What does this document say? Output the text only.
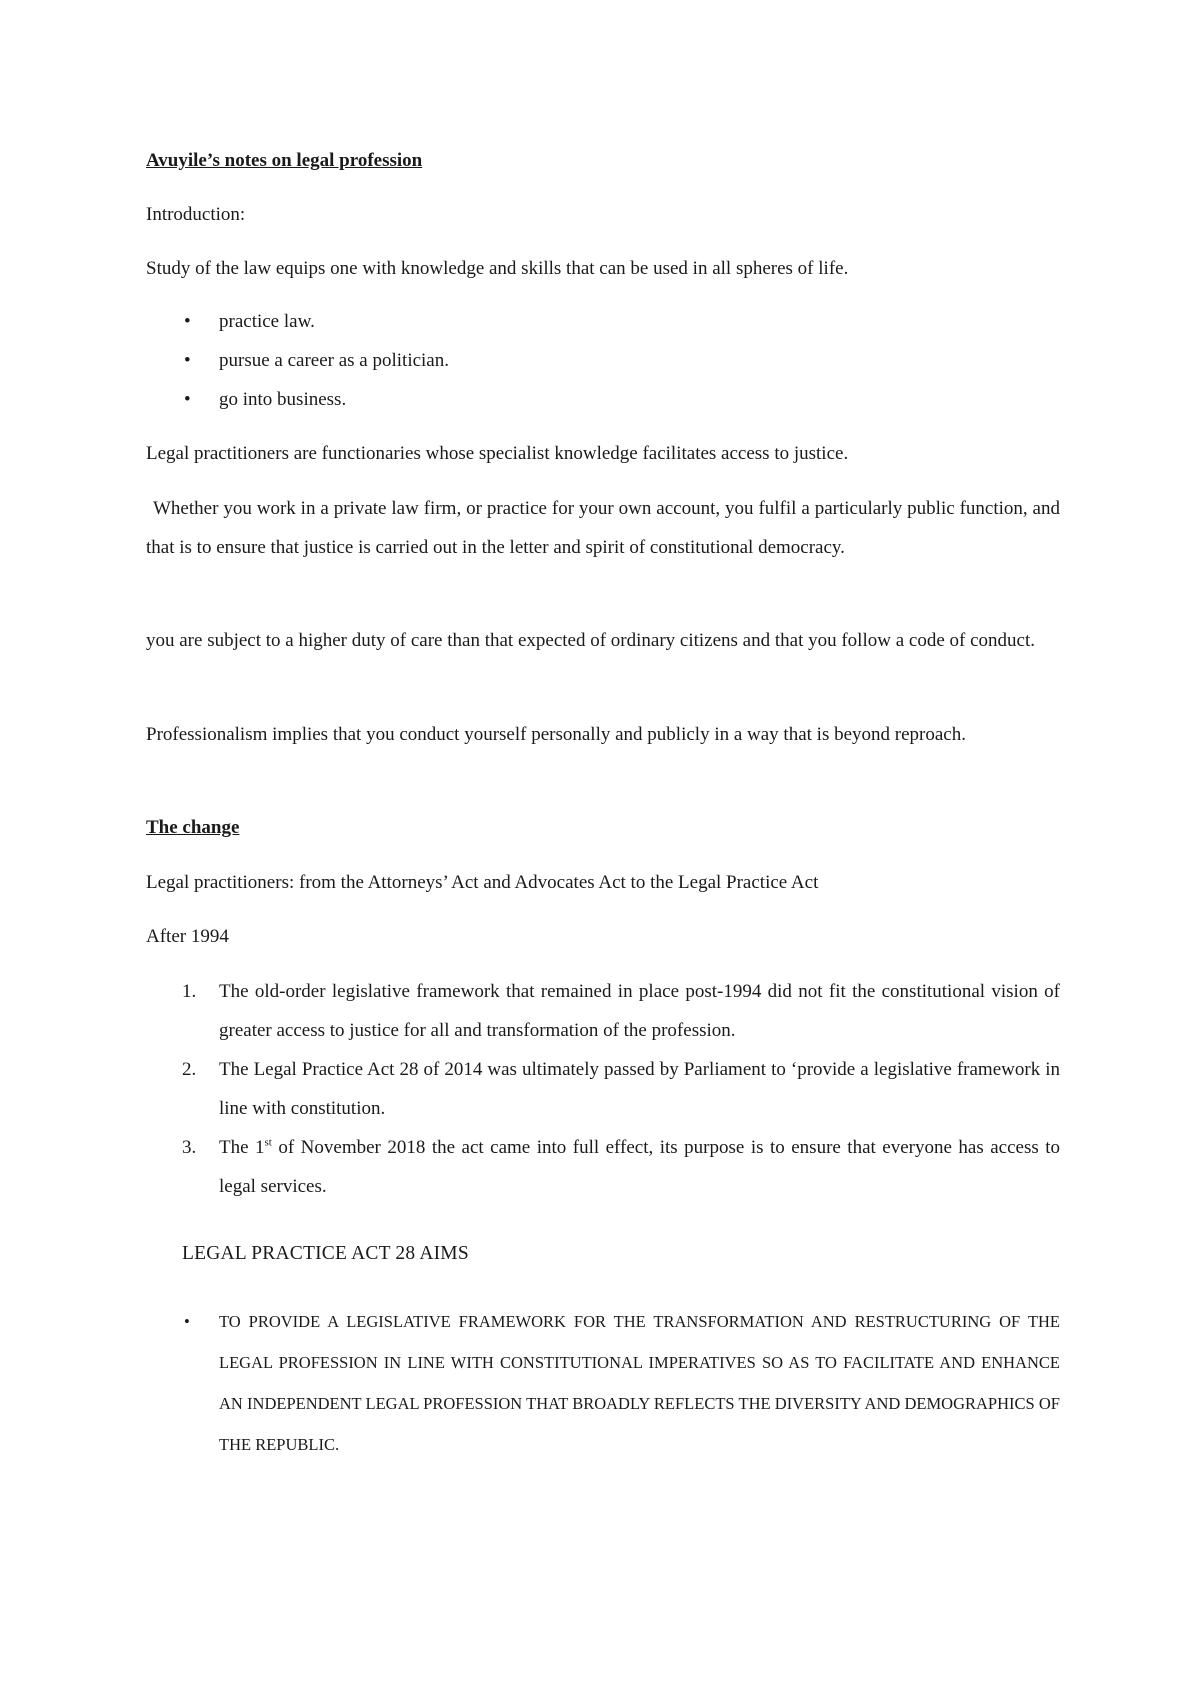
Avuyile’s notes on legal profession

Introduction:

Study of the law equips one with knowledge and skills that can be used in all spheres of life.

• practice law.
• pursue a career as a politician.
• go into business.

Legal practitioners are functionaries whose specialist knowledge facilitates access to justice.

Whether you work in a private law firm, or practice for your own account, you fulfil a particularly public function, and that is to ensure that justice is carried out in the letter and spirit of constitutional democracy.

you are subject to a higher duty of care than that expected of ordinary citizens and that you follow a code of conduct.

Professionalism implies that you conduct yourself personally and publicly in a way that is beyond reproach.

The change

Legal practitioners: from the Attorneys’ Act and Advocates Act to the Legal Practice Act

After 1994

1. The old-order legislative framework that remained in place post-1994 did not fit the constitutional vision of greater access to justice for all and transformation of the profession.
2. The Legal Practice Act 28 of 2014 was ultimately passed by Parliament to ‘provide a legislative framework in line with constitution.
3. The 1st of November 2018 the act came into full effect, its purpose is to ensure that everyone has access to legal services.

LEGAL PRACTICE ACT 28 AIMS

• TO PROVIDE A LEGISLATIVE FRAMEWORK FOR THE TRANSFORMATION AND RESTRUCTURING OF THE LEGAL PROFESSION IN LINE WITH CONSTITUTIONAL IMPERATIVES SO AS TO FACILITATE AND ENHANCE AN INDEPENDENT LEGAL PROFESSION THAT BROADLY REFLECTS THE DIVERSITY AND DEMOGRAPHICS OF THE REPUBLIC.
